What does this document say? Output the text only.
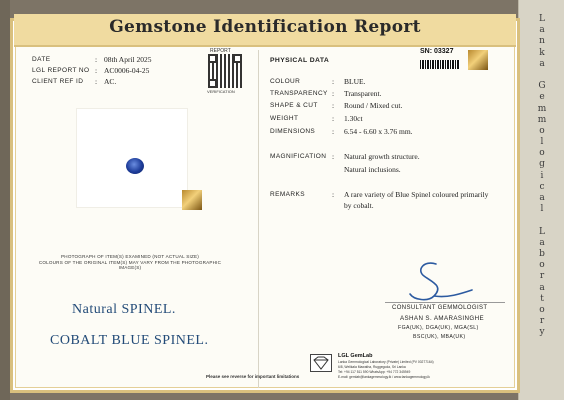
L
a
n
k
a
G
e
m
m
o
l
o
g
i
c
a
l
L
a
b
o
r
a
t
o
r
y
Gemstone Identification Report
DATE	: 08th April 2025
LGL REPORT NO : AC0006-04-25
CLIENT REF ID : AC.
REPORT
VERIFICATION
PHOTOGRAPH OF ITEM(S) EXAMINED (NOT ACTUAL SIZE)
COLOURS OF THE ORIGINAL ITEM(S) MAY VARY FROM THE PHOTOGRAPHIC IMAGE(S)
Natural SPINEL.
COBALT BLUE SPINEL.
PHYSICAL DATA
SN: 03327
COLOUR	: BLUE.
TRANSPARENCY : Transparent.
SHAPE & CUT : Round / Mixed cut.
WEIGHT	: 1.30ct
DIMENSIONS : 6.54 - 6.60 x 3.76 mm.
MAGNIFICATION : Natural growth structure.
Natural inclusions.
REMARKS	: A rare variety of Blue Spinel coloured primarily
by cobalt.
CONSULTANT GEMMOLOGIST
ASHAN S. AMARASINGHE
FGA(UK), DGA(UK), MGA(SL)
BSC(UK), MBA(UK)
Please see reverse for important limitations
LGL GemLab
Lanka Gemmological Laboratory (Private) Limited (PV 00277164)
6/8, Welikala Mawatha, Ruggegoda, Sri Lanka
Tel: +94 117 511 590 WhatsApp: +94 772 345949
E-mail: gemlab@lankagemmology.lk / www.lankagemmology.lk
